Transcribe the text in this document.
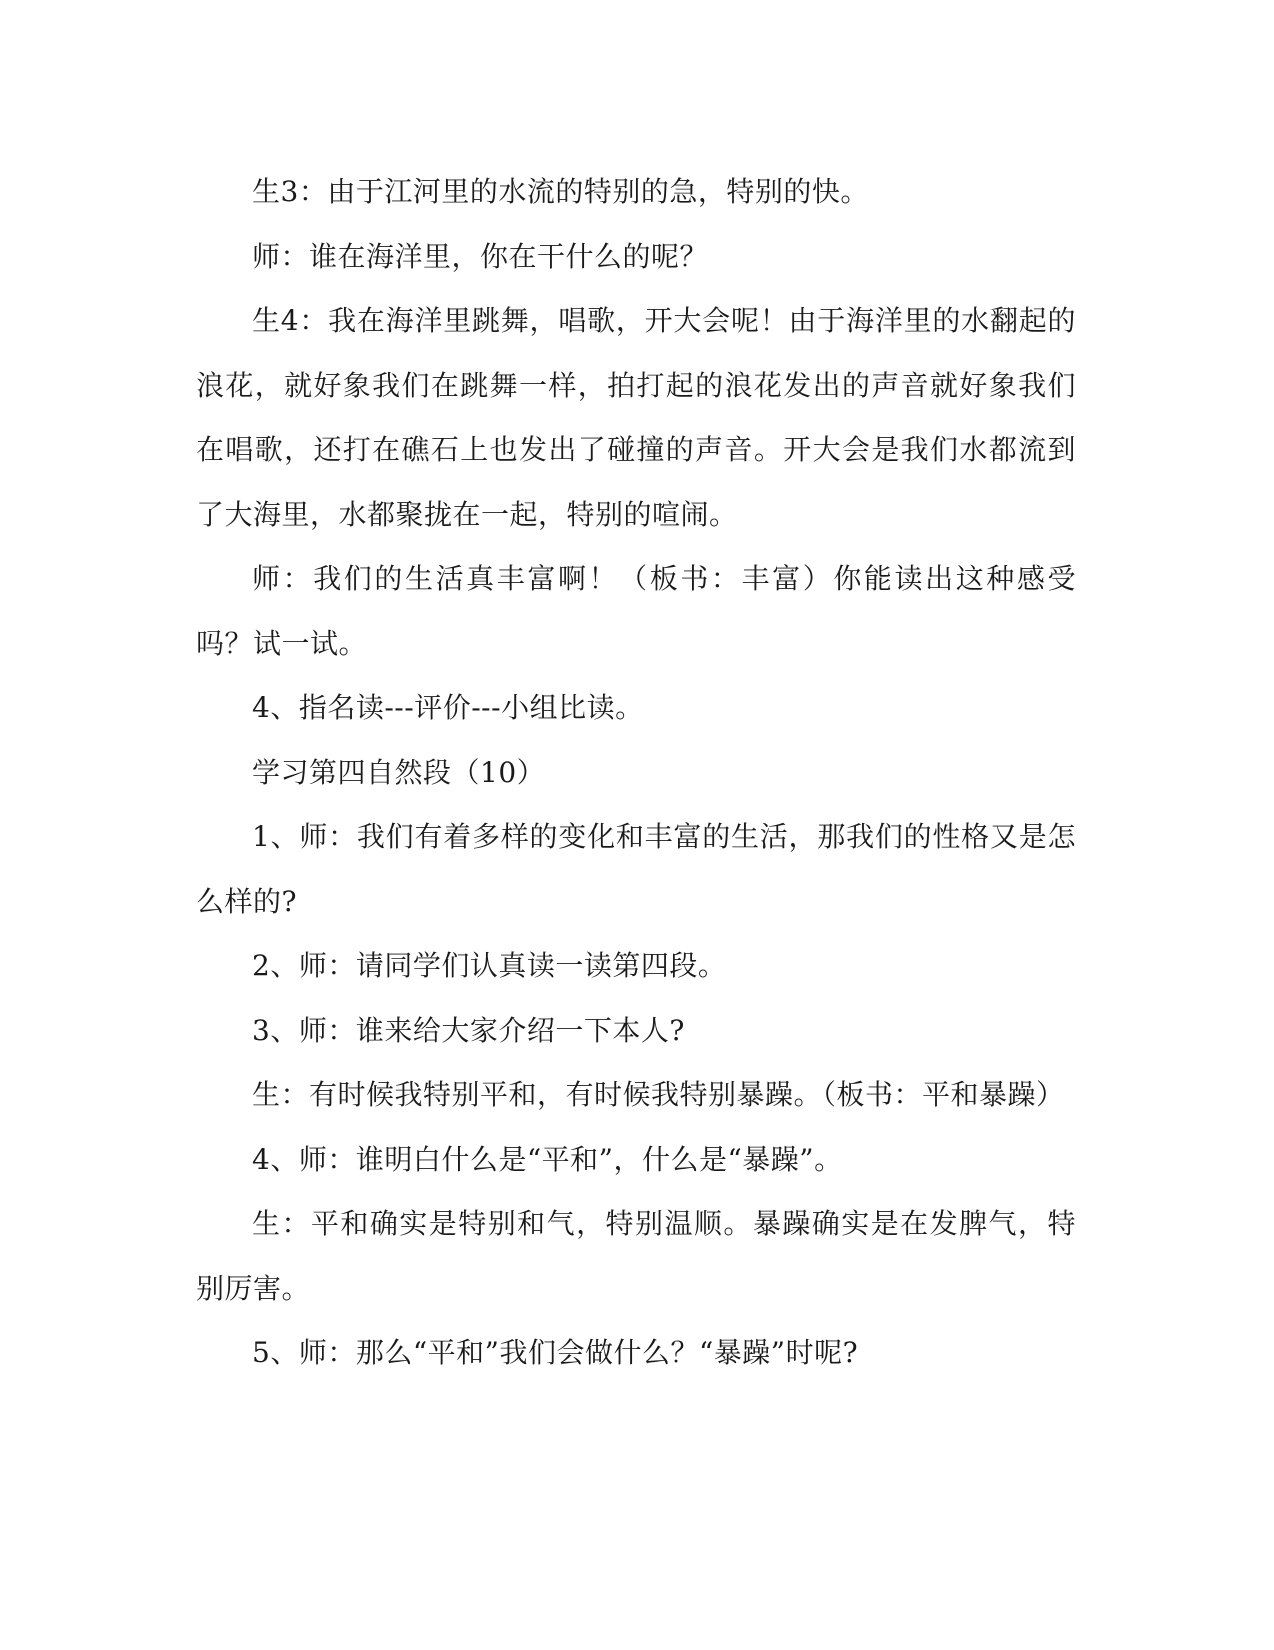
生3：由于江河里的水流的特别的急，特别的快。

师：谁在海洋里，你在干什么的呢？

生4：我在海洋里跳舞，唱歌，开大会呢！由于海洋里的水翻起的浪花，就好象我们在跳舞一样，拍打起的浪花发出的声音就好象我们在唱歌，还打在礁石上也发出了碰撞的声音。开大会是我们水都流到了大海里，水都聚拢在一起，特别的喧闹。

师：我们的生活真丰富啊！（板书：丰富）你能读出这种感受吗？试一试。

4、指名读---评价---小组比读。

学习第四自然段（10）

1、师：我们有着多样的变化和丰富的生活，那我们的性格又是怎么样的?

2、师：请同学们认真读一读第四段。

3、师：谁来给大家介绍一下本人?

生：有时候我特别平和，有时候我特别暴躁。（板书：平和暴躁）

4、师：谁明白什么是“平和”，什么是“暴躁”。

生：平和确实是特别和气，特别温顺。暴躁确实是在发脾气，特别厉害。

5、师：那么“平和”我们会做什么？“暴躁”时呢?
